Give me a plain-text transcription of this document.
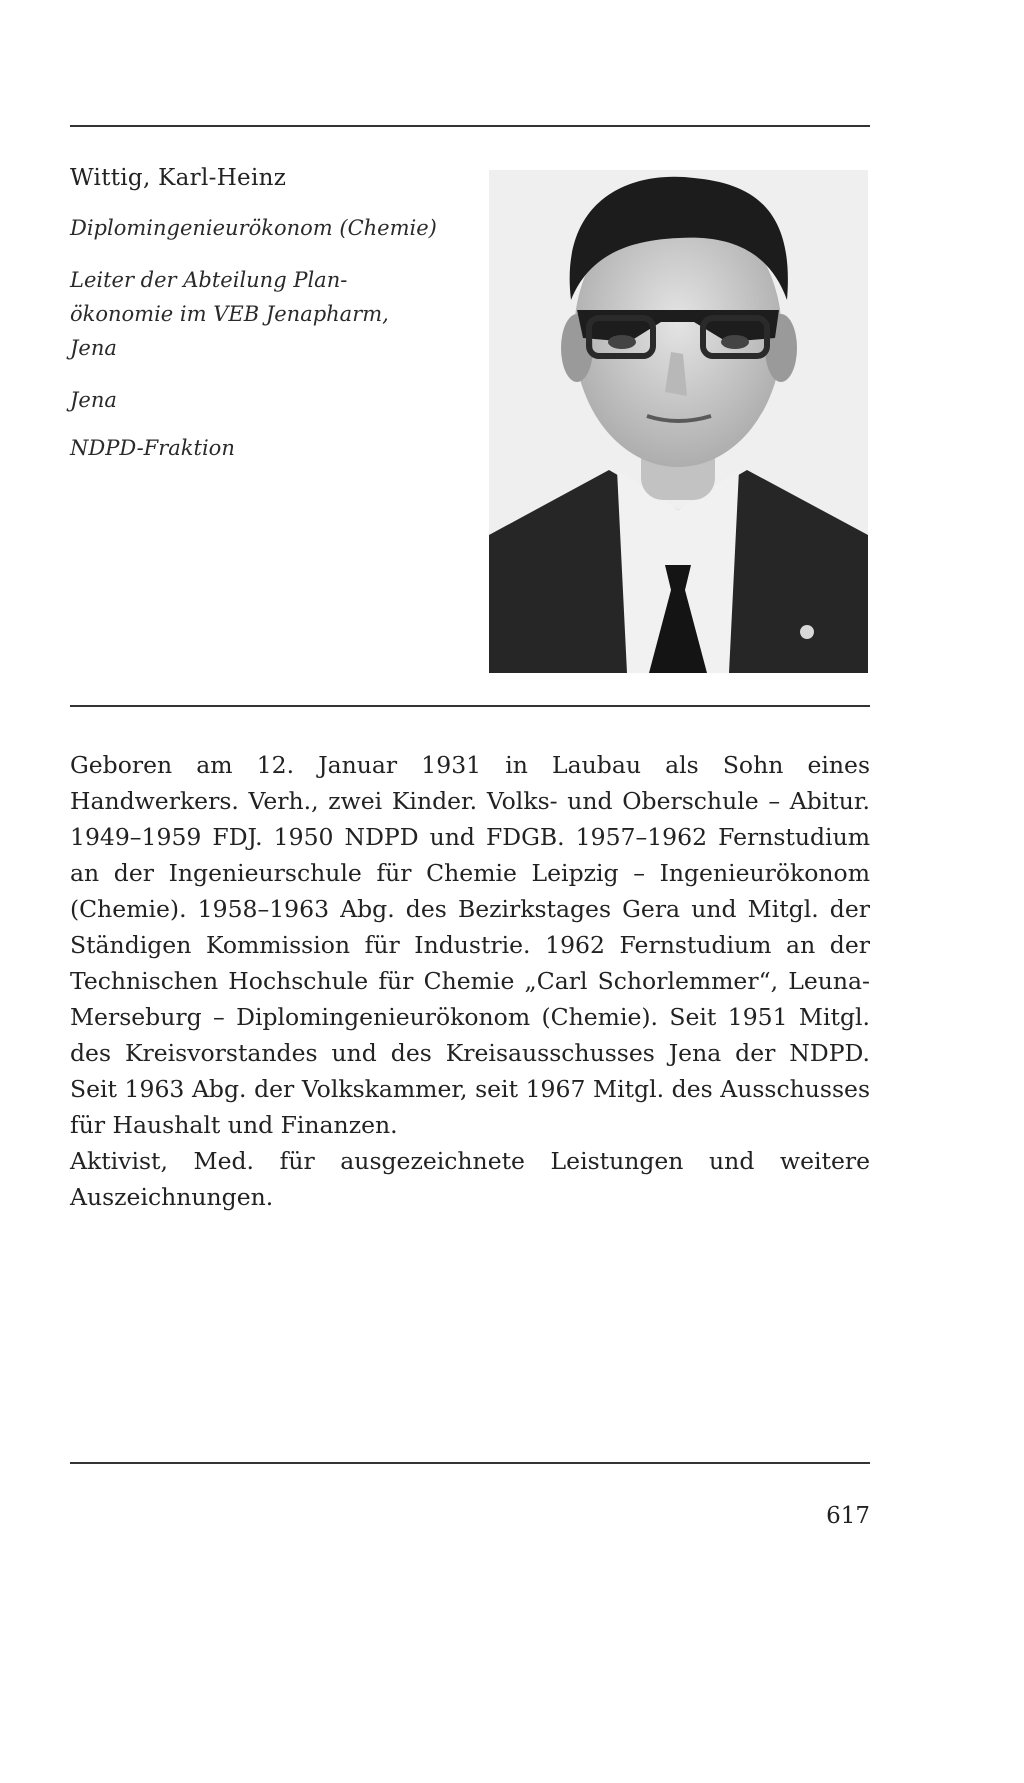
Wittig, Karl-Heinz
Diplomingenieurökonom (Chemie)
Leiter der Abteilung Plan-
ökonomie im VEB Jenapharm,
Jena
Jena
NDPD-Fraktion

Geboren am 12. Januar 1931 in Laubau als Sohn eines Handwerkers. Verh., zwei Kinder. Volks- und Oberschule – Abitur. 1949–1959 FDJ. 1950 NDPD und FDGB. 1957–1962 Fernstudium an der Ingenieurschule für Chemie Leipzig – Ingenieurökonom (Chemie). 1958–1963 Abg. des Bezirkstages Gera und Mitgl. der Ständigen Kommission für Industrie. 1962 Fernstudium an der Technischen Hochschule für Chemie „Carl Schorlemmer“, Leuna-Merseburg – Diplomingenieurökonom (Chemie). Seit 1951 Mitgl. des Kreisvorstandes und des Kreisausschusses Jena der NDPD. Seit 1963 Abg. der Volkskammer, seit 1967 Mitgl. des Ausschusses für Haushalt und Finanzen.

Aktivist, Med. für ausgezeichnete Leistungen und weitere Auszeichnungen.

617
